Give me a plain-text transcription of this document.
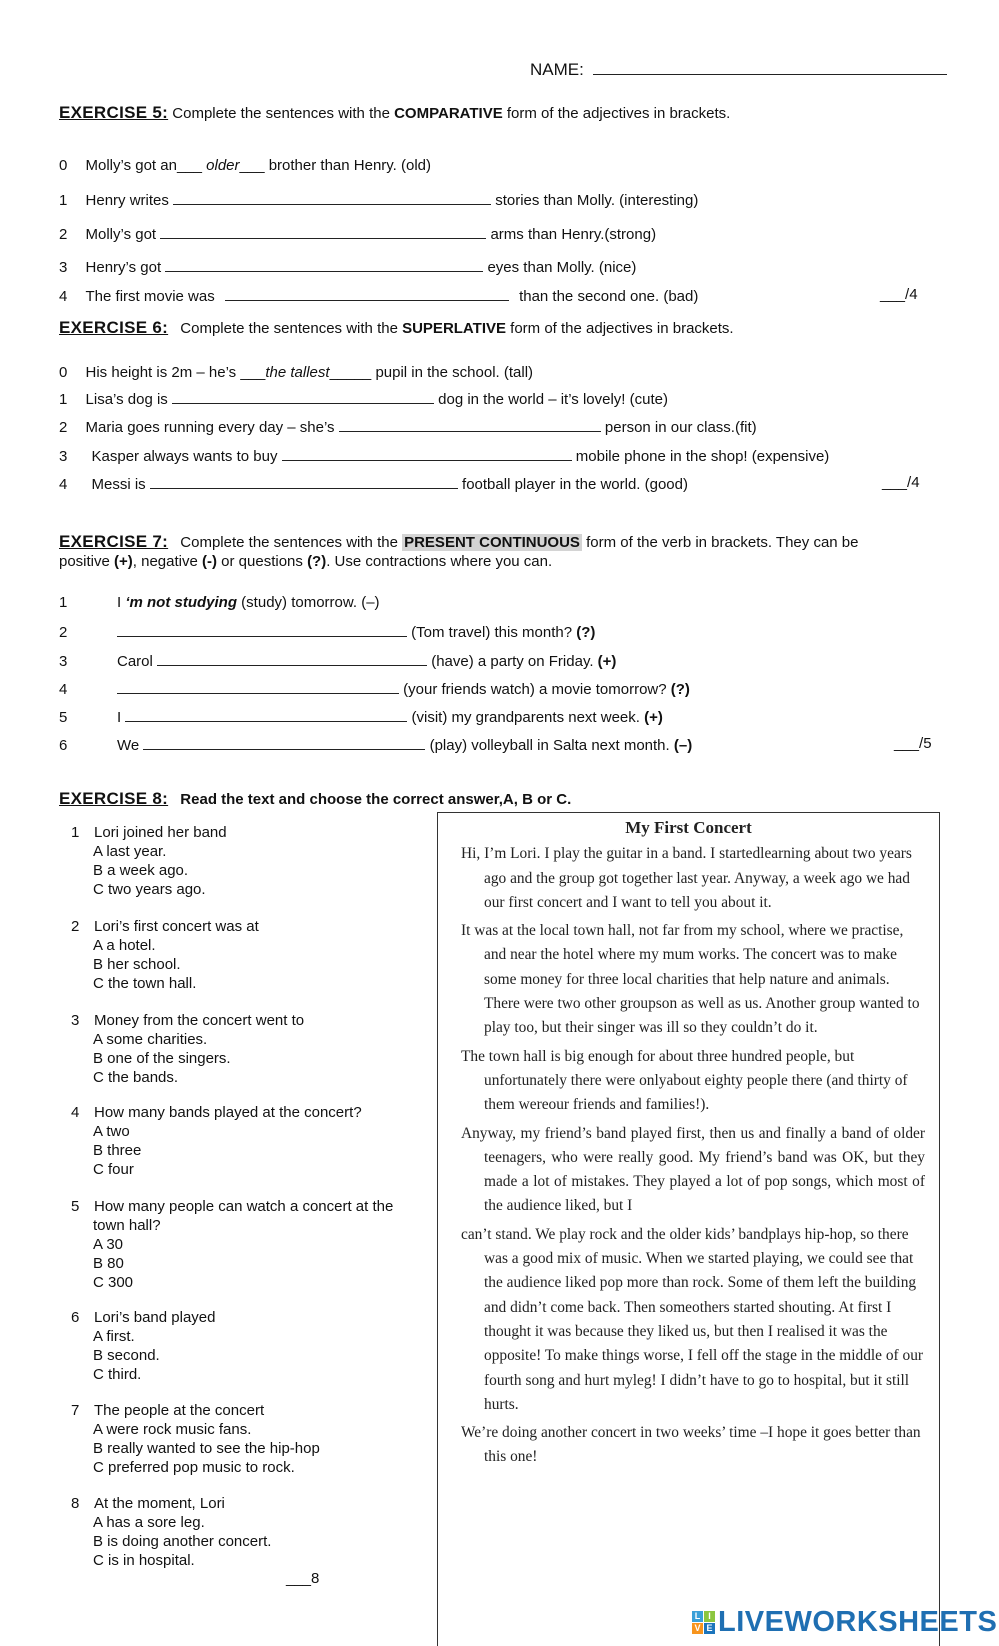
NAME:
EXERCISE 5: Complete the sentences with the COMPARATIVE form of the adjectives in brackets.
0 Molly’s got an___ older___ brother than Henry. (old)
1 Henry writes	stories than Molly. (interesting)
2 Molly’s got	arms than Henry.(strong)
3 Henry’s got	eyes than Molly. (nice)
4 The first movie was	than the second one. (bad)	___/4
EXERCISE 6: Complete the sentences with the SUPERLATIVE form of the adjectives in brackets.
0 His height is 2m – he’s ___the tallest_____ pupil in the school. (tall)
1 Lisa’s dog is	dog in the world – it’s lovely! (cute)
2 Maria goes running every day – she’s	person in our class.(fit)
3 Kasper always wants to buy	mobile phone in the shop! (expensive)
4 Messi is	football player in the world. (good)	___/4
EXERCISE 7: Complete the sentences with the PRESENT CONTINUOUS form of the verb in brackets. They can be
positive (+), negative (-) or questions (?). Use contractions where you can.
1	I ‘m not studying (study) tomorrow. (–)
2	(Tom travel) this month? (?)
3	Carol	(have) a party on Friday. (+)
4	(your friends watch) a movie tomorrow? (?)
5	I	(visit) my grandparents next week. (+)
6	We	(play) volleyball in Salta next month. (–)	___/5
EXERCISE 8: Read the text and choose the correct answer,A, B or C.
1 Lori joined her band
A last year.
B a week ago.
C two years ago.
2 Lori’s first concert was at
A a hotel.
B her school.
C the town hall.
3 Money from the concert went to
A some charities.
B one of the singers.
C the bands.
4 How many bands played at the concert?
A two
B three
C four
5 How many people can watch a concert at the
town hall?
A 30
B 80
C 300
6 Lori’s band played
A first.
B second.
C third.
7 The people at the concert
A were rock music fans.
B really wanted to see the hip-hop
C preferred pop music to rock.
8 At the moment, Lori
A has a sore leg.
B is doing another concert.
C is in hospital.
___8
My First Concert

Hi, I’m Lori. I play the guitar in a band. I startedlearning about two years ago and the group got together last year. Anyway, a week ago we had our first concert and I want to tell you about it.

It was at the local town hall, not far from my school, where we practise, and near the hotel where my mum works. The concert was to make some money for three local charities that help nature and animals. There were two other groupson as well as us. Another group wanted to play too, but their singer was ill so they couldn’t do it.

The town hall is big enough for about three hundred people, but unfortunately there were onlyabout eighty people there (and thirty of them wereour friends and families!).

Anyway, my friend’s band played first, then us and finally a band of older teenagers, who were really good. My friend’s band was OK, but they made a lot of mistakes. They played a lot of pop songs, which most of the audience liked, but I

can’t stand. We play rock and the older kids’ bandplays hip-hop, so there was a good mix of music. When we started playing, we could see that the audience liked pop more than rock. Some of them left the building and didn’t come back. Then someothers started shouting. At first I thought it was because they liked us, but then I realised it was the opposite! To make things worse, I fell off the stage in the middle of our fourth song and hurt myleg! I didn’t have to go to hospital, but it still hurts.

We’re doing another concert in two weeks’ time –I hope it goes better than this one!

L I
V E LIVEWORKSHEETS
